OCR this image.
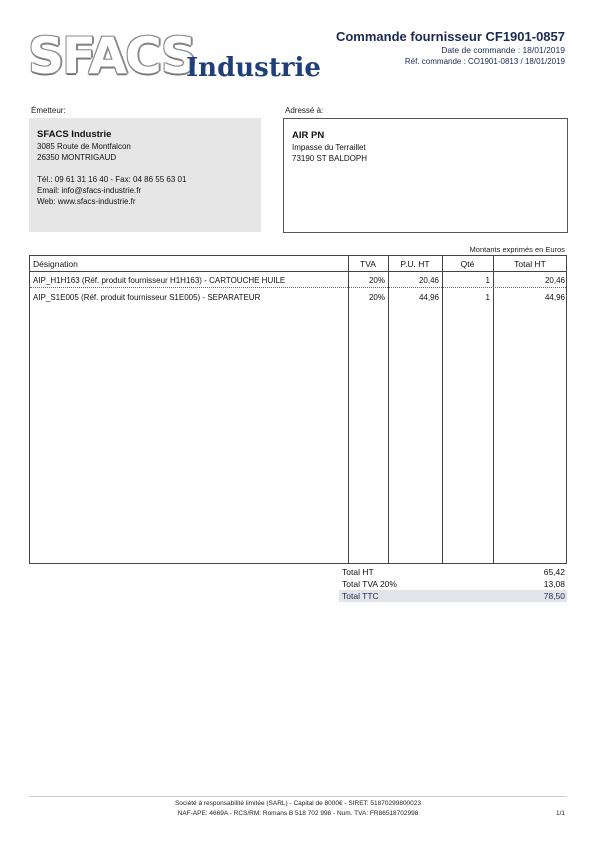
SFACS
Industrie
Commande fournisseur CF1901-0857
Date de commande : 18/01/2019
Réf. commande : CO1901-0813 / 18/01/2019
Émetteur:
SFACS Industrie
3085 Route de Montfalcon
26350 MONTRIGAUD
Tél.: 09 61 31 16 40 - Fax: 04 86 55 63 01
Email: info@sfacs-industrie.fr
Web: www.sfacs-industrie.fr
Adressé à:
AIR PN
Impasse du Terraillet
73190 ST BALDOPH
Montants exprimés en Euros
Désignation	TVA	P.U. HT	Qté	Total HT
AIP_H1H163 (Réf. produit fournisseur H1H163) - CARTOUCHE HUILE	20%	20,46	1	20,46
AIP_S1E005 (Réf. produit fournisseur S1E005) - SEPARATEUR	20%	44,96	1	44,96
Total HT	65,42
Total TVA 20%	13,08
Total TTC	78,50
Société à responsabilité limitée (SARL) - Capital de 8000€ - SIRET: 51870299800023
NAF-APE: 4669A - RCS/RM: Romans B 518 702 998 - Num. TVA: FR86518702998	1/1
